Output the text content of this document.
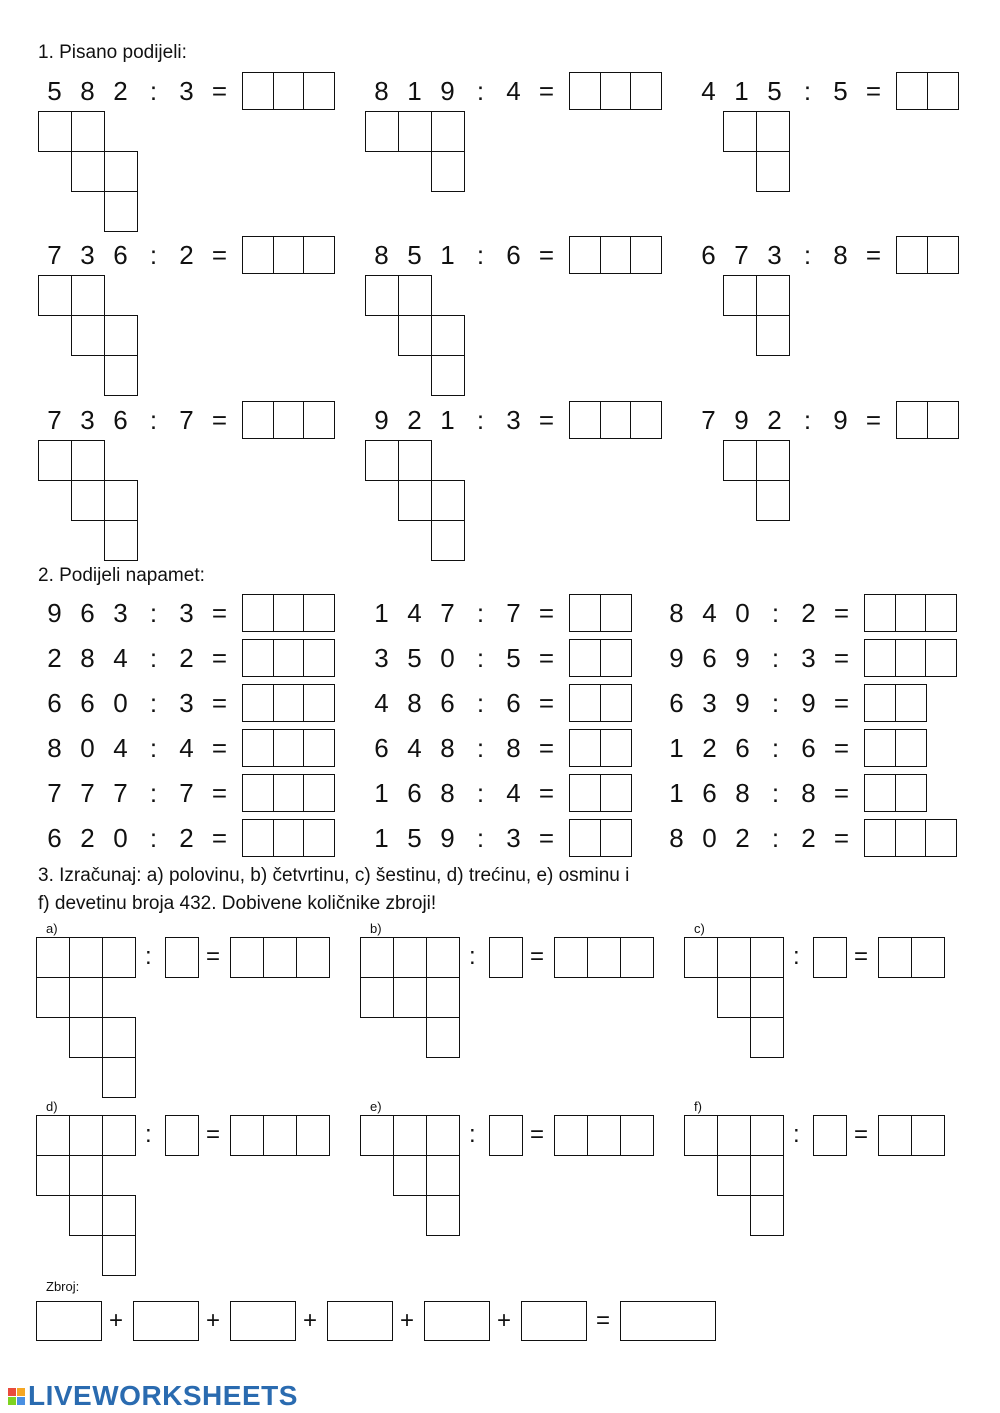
1. Pisano podijeli:
5 8 2 : 3 =	8 1 9 : 4 =	4 1 5 : 5 =
7 3 6 : 2 =	8 5 1 : 6 =	6 7 3 : 8 =
7 3 6 : 7 =	9 2 1 : 3 =	7 9 2 : 9 =
2. Podijeli napamet:
9 6 3 : 3 =	1 4 7 : 7 =	8 4 0 : 2 =
2 8 4 : 2 =	3 5 0 : 5 =	9 6 9 : 3 =
6 6 0 : 3 =	4 8 6 : 6 =	6 3 9 : 9 =
8 0 4 : 4 =	6 4 8 : 8 =	1 2 6 : 6 =
7 7 7 : 7 =	1 6 8 : 4 =	1 6 8 : 8 =
6 2 0 : 2 =	1 5 9 : 3 =	8 0 2 : 2 =
3. Izračunaj: a) polovinu, b) četvrtinu, c) šestinu, d) trećinu, e) osminu i
f) devetinu broja 432. Dobivene količnike zbroji!
a)
: =
b)
: =
c)
: =
d)
: =
e)
: =
f)
: =
Zbroj:
+	+	+	+	+	=
LIVEWORKSHEETS
